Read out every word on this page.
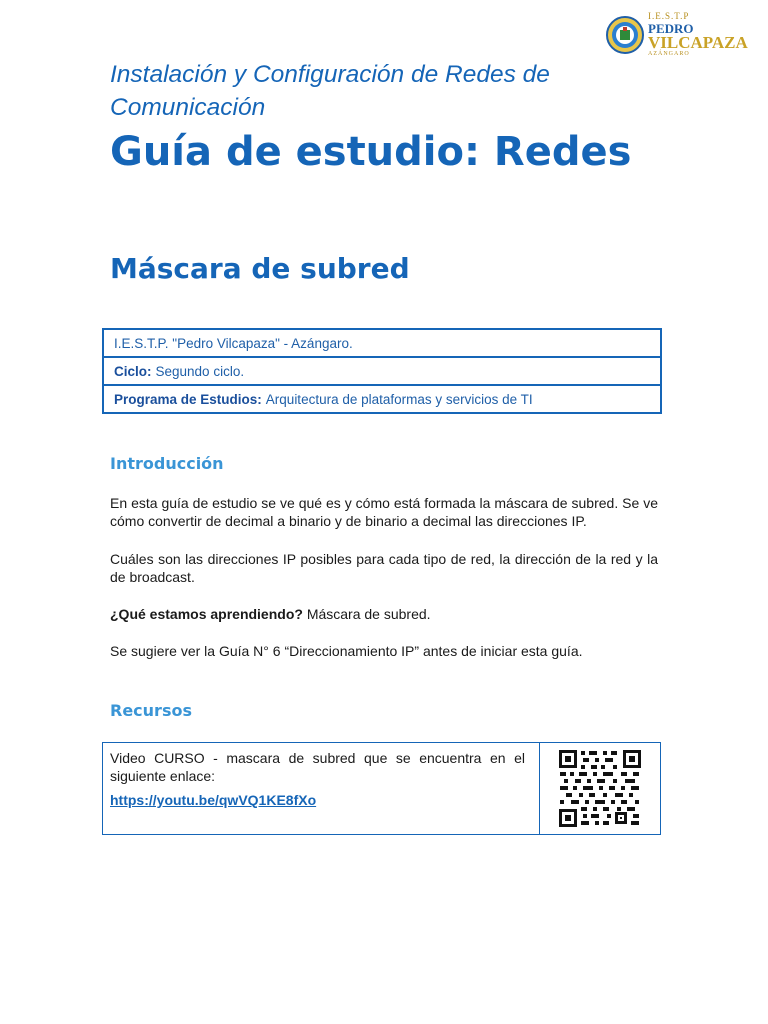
I.E.S.T.P
PEDRO
VILCAPAZA
AZÁNGARO
Instalación y Configuración de Redes de Comunicación
Guía de estudio: Redes
Máscara de subred
I.E.S.T.P. "Pedro Vilcapaza" - Azángaro.
Ciclo: Segundo ciclo.
Programa de Estudios: Arquitectura de plataformas y servicios de TI
Introducción

En esta guía de estudio se ve qué es y cómo está formada la máscara de subred. Se ve cómo convertir de decimal a binario y de binario a decimal las direcciones IP.

Cuáles son las direcciones IP posibles para cada tipo de red, la dirección de la red y la de broadcast.

¿Qué estamos aprendiendo? Máscara de subred.

Se sugiere ver la Guía N° 6 “Direccionamiento IP” antes de iniciar esta guía.

Recursos
Video CURSO - mascara de subred que se encuentra en el siguiente enlace:
https://youtu.be/qwVQ1KE8fXo
